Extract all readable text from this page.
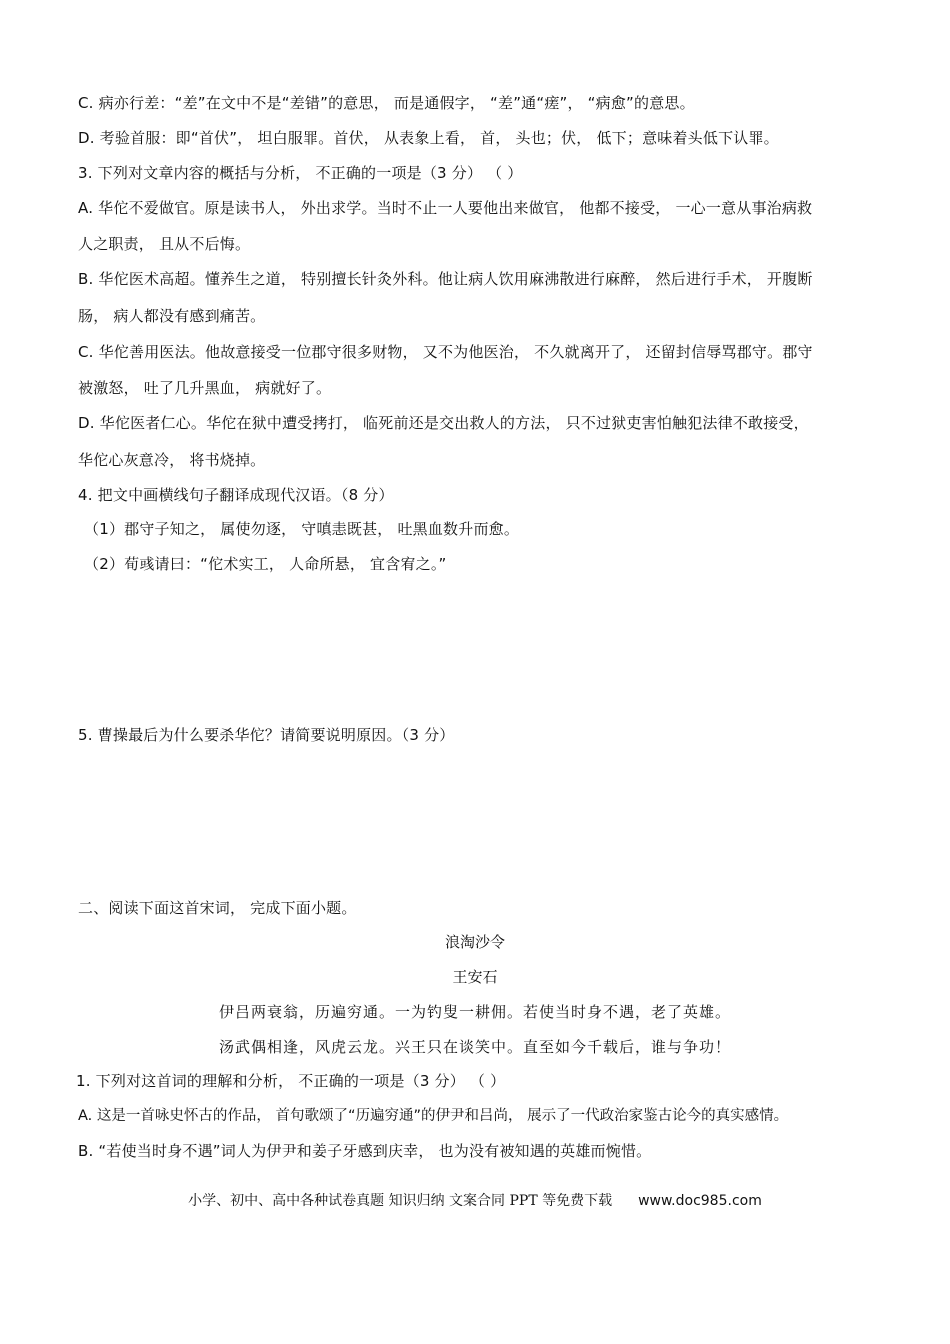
C. 病亦行差：“差”在文中不是“差错”的意思， 而是通假字， “差”通“瘥”， “病愈”的意思。
D. 考验首服：即“首伏”， 坦白服罪。首伏， 从表象上看， 首， 头也；伏， 低下；意味着头低下认罪。
3. 下列对文章内容的概括与分析， 不正确的一项是（3 分） （ ）
A. 华佗不爱做官。原是读书人， 外出求学。当时不止一人要他出来做官， 他都不接受， 一心一意从事治病救
人之职责， 且从不后悔。
B. 华佗医术高超。懂养生之道， 特别擅长针灸外科。他让病人饮用麻沸散进行麻醉， 然后进行手术， 开腹断
肠， 病人都没有感到痛苦。
C. 华佗善用医法。他故意接受一位郡守很多财物， 又不为他医治， 不久就离开了， 还留封信辱骂郡守。郡守
被激怒， 吐了几升黑血， 病就好了。
D. 华佗医者仁心。华佗在狱中遭受拷打， 临死前还是交出救人的方法， 只不过狱吏害怕触犯法律不敢接受，
华佗心灰意冷， 将书烧掉。
4. 把文中画横线句子翻译成现代汉语。（8 分）
（1）郡守子知之， 属使勿逐， 守嗔恚既甚， 吐黑血数升而愈。
（2）荀彧请曰：“佗术实工， 人命所悬， 宜含宥之。”
5. 曹操最后为什么要杀华佗？请简要说明原因。（3 分）
二、阅读下面这首宋词， 完成下面小题。
浪淘沙令
王安石
伊吕两衰翁，历遍穷通。一为钓叟一耕佣。若使当时身不遇，老了英雄。
汤武偶相逢，风虎云龙。兴王只在谈笑中。直至如今千载后，谁与争功！
1. 下列对这首词的理解和分析， 不正确的一项是（3 分） （ ）
A. 这是一首咏史怀古的作品， 首句歌颂了“历遍穷通”的伊尹和吕尚， 展示了一代政治家鉴古论今的真实感情。
B. “若使当时身不遇”词人为伊尹和姜子牙感到庆幸， 也为没有被知遇的英雄而惋惜。
小学、初中、高中各种试卷真题 知识归纳 文案合同 PPT 等免费下载 www.doc985.com
